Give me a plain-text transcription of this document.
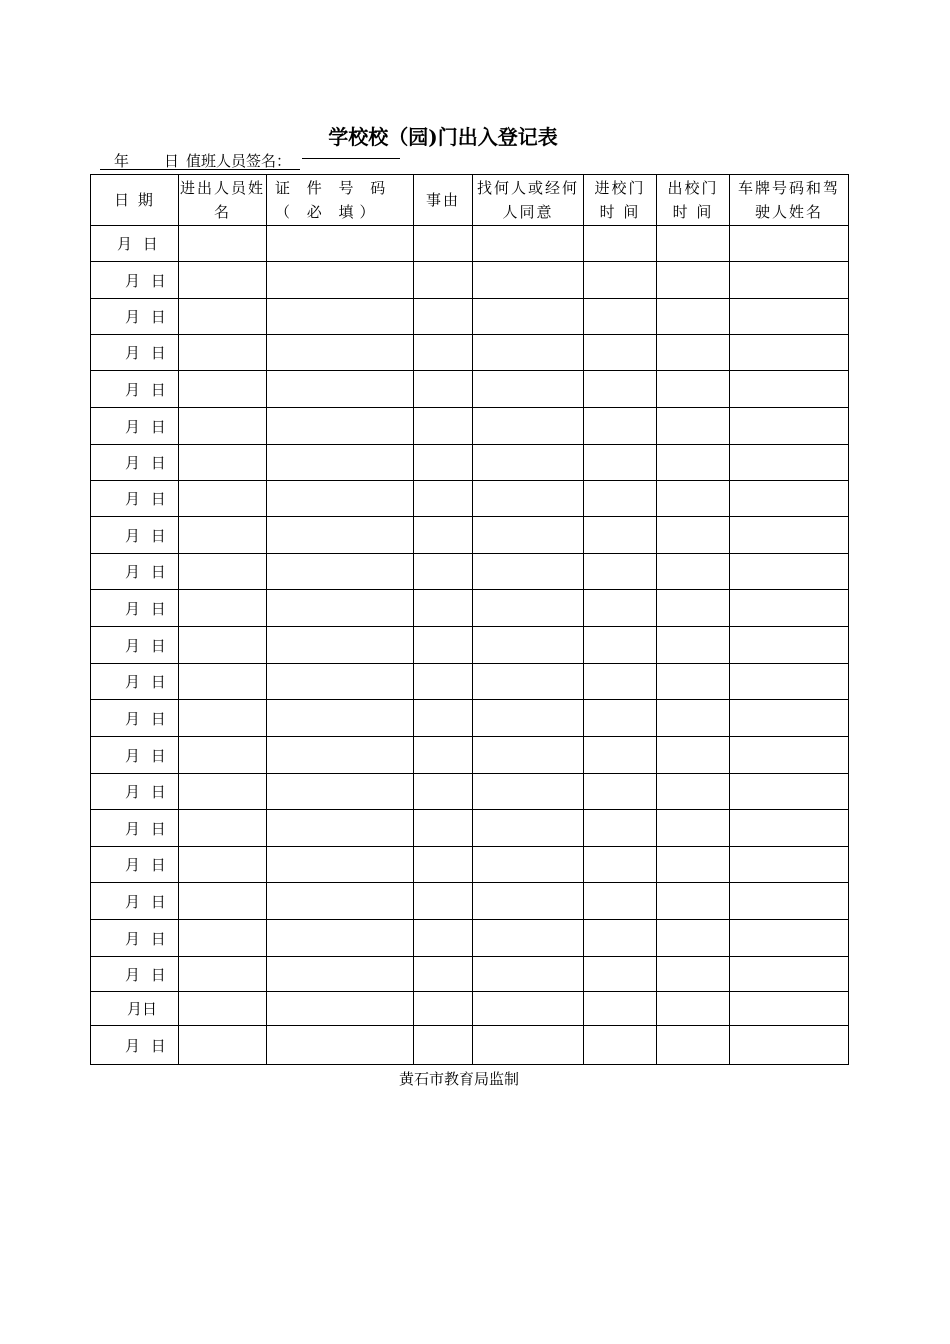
学校校（园)门出入登记表
年 日 值 班人员签名：
日 期	进出人员姓名	证 件 号 码 （ 必 填）	事由	找何人或经何人同意	进校门 时 间	出校门 时 间	车牌号码和驾驶人姓名
月 日							
月 日							
月 日							
月 日							
月 日							
月 日							
月 日							
月 日							
月 日							
月 日							
月 日							
月 日							
月 日							
月 日							
月 日							
月 日							
月 日							
月 日							
月 日							
月 日							
月 日							
月日							
月 日							
黄石市教育局监制
